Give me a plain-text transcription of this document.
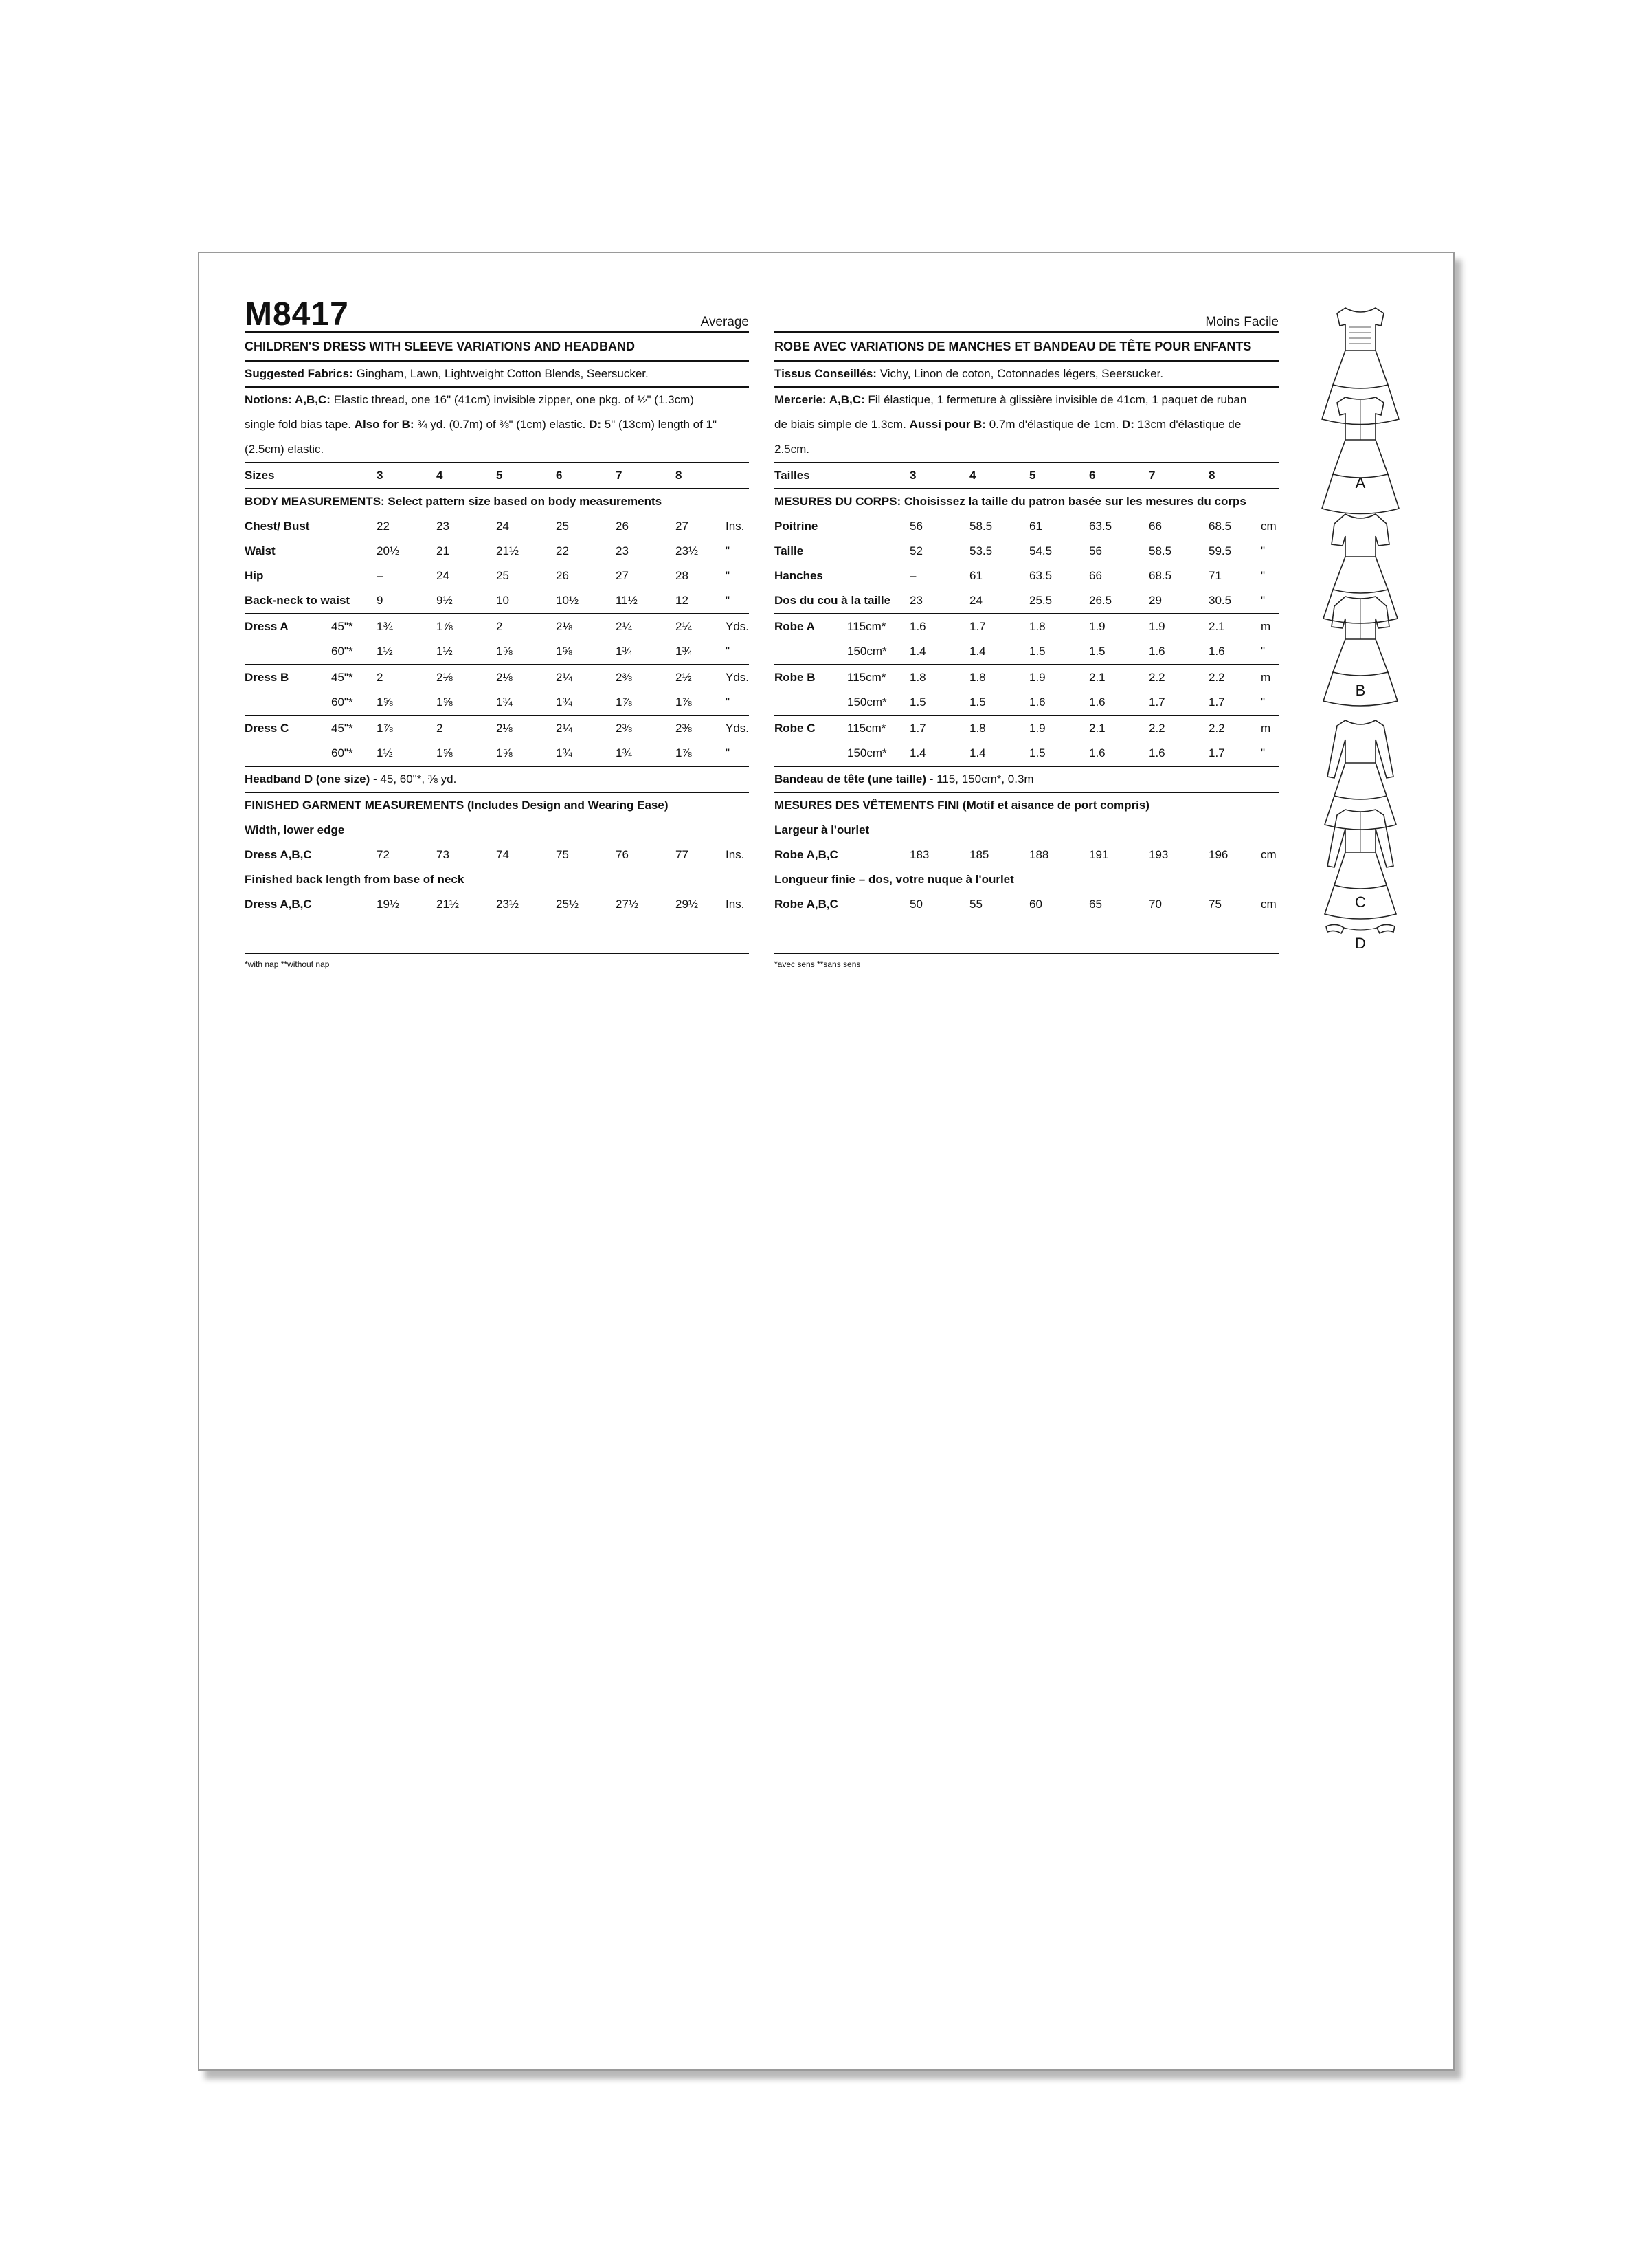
M8417	Average
CHILDREN'S DRESS WITH SLEEVE VARIATIONS AND HEADBAND
Suggested Fabrics: Gingham, Lawn, Lightweight Cotton Blends, Seersucker.
Notions: A,B,C: Elastic thread, one 16" (41cm) invisible zipper, one pkg. of ½" (1.3cm)
single fold bias tape. Also for B: ¾ yd. (0.7m) of ⅜" (1cm) elastic. D: 5" (13cm) length of 1"
(2.5cm) elastic.
Sizes	3	4	5	6	7	8
BODY MEASUREMENTS: Select pattern size based on body measurements
Chest/ Bust	22	23	24	25	26	27	Ins.
Waist	20½	21	21½	22	23	23½ "
Hip	–	24	25	26	27	28	"
Back-neck to waist 9	9½	10	10½	11½	12	"
Dress A	45"* 1¾	1⅞	2	2⅛	2¼	2¼	Yds.
60"* 1½	1½	1⅝	1⅝	1¾	1¾	"
Dress B	45"* 2	2⅛	2⅛	2¼	2⅜	2½	Yds.
60"* 1⅝	1⅝	1¾	1¾	1⅞	1⅞	"
Dress C	45"* 1⅞	2	2⅛	2¼	2⅜	2⅜	Yds.
60"* 1½	1⅝	1⅝	1¾	1¾	1⅞	"
Headband D (one size) - 45, 60"*, ⅜ yd.
FINISHED GARMENT MEASUREMENTS (Includes Design and Wearing Ease)
Width, lower edge
Dress A,B,C	72	73	74	75	76	77	Ins.
Finished back length from base of neck
Dress A,B,C	19½	21½	23½	25½	27½	29½ Ins.
*with nap **without nap
Moins Facile
ROBE AVEC VARIATIONS DE MANCHES ET BANDEAU DE TÊTE POUR ENFANTS
Tissus Conseillés: Vichy, Linon de coton, Cotonnades légers, Seersucker.
Mercerie: A,B,C: Fil élastique, 1 fermeture à glissière invisible de 41cm, 1 paquet de ruban
de biais simple de 1.3cm. Aussi pour B: 0.7m d'élastique de 1cm. D: 13cm d'élastique de
2.5cm.
Tailles	3	4	5	6	7	8
MESURES DU CORPS: Choisissez la taille du patron basée sur les mesures du corps
Poitrine	56	58.5	61	63.5	66	68.5	cm
Taille	52	53.5	54.5	56	58.5	59.5	"
Hanches	–	61	63.5	66	68.5	71	"
Dos du cou à la taille 23	24	25.5	26.5	29	30.5	"
Robe A	115cm* 1.6	1.7	1.8	1.9	1.9	2.1	m
150cm* 1.4	1.4	1.5	1.5	1.6	1.6	"
Robe B	115cm* 1.8	1.8	1.9	2.1	2.2	2.2	m
150cm* 1.5	1.5	1.6	1.6	1.7	1.7	"
Robe C	115cm* 1.7	1.8	1.9	2.1	2.2	2.2	m
150cm* 1.4	1.4	1.5	1.6	1.6	1.7	"
Bandeau de tête (une taille) - 115, 150cm*, 0.3m
MESURES DES VÊTEMENTS FINI (Motif et aisance de port compris)
Largeur à l'ourlet
Robe A,B,C	183	185	188	191	193	196	cm
Longueur finie – dos, votre nuque à l'ourlet
Robe A,B,C	50	55	60	65	70	75	cm
*avec sens **sans sens
A
B
C
D
